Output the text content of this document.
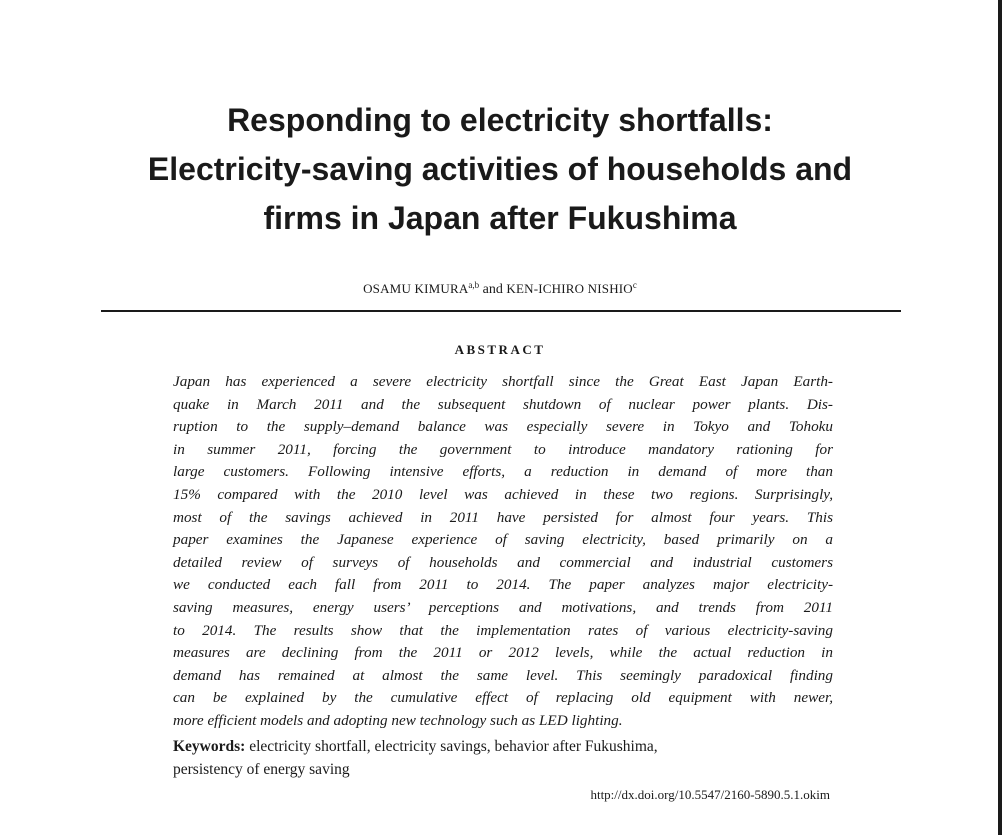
Responding to electricity shortfalls:
Electricity-saving activities of households and
firms in Japan after Fukushima
OSAMU KIMURA$^{a,b}$ and KEN-ICHIRO NISHIO$^c$
ABSTRACT
Japan has experienced a severe electricity shortfall since the Great East Japan Earth-
quake in March 2011 and the subsequent shutdown of nuclear power plants. Dis-
ruption to the supply–demand balance was especially severe in Tokyo and Tohoku
in summer 2011, forcing the government to introduce mandatory rationing for
large customers. Following intensive efforts, a reduction in demand of more than
15% compared with the 2010 level was achieved in these two regions. Surprisingly,
most of the savings achieved in 2011 have persisted for almost four years. This
paper examines the Japanese experience of saving electricity, based primarily on a
detailed review of surveys of households and commercial and industrial customers
we conducted each fall from 2011 to 2014. The paper analyzes major electricity-
saving measures, energy users’ perceptions and motivations, and trends from 2011
to 2014. The results show that the implementation rates of various electricity-saving
measures are declining from the 2011 or 2012 levels, while the actual reduction in
demand has remained at almost the same level. This seemingly paradoxical finding
can be explained by the cumulative effect of replacing old equipment with newer,
more efficient models and adopting new technology such as LED lighting.
Keywords: electricity shortfall, electricity savings, behavior after Fukushima,
persistency of energy saving
http://dx.doi.org/10.5547/2160-5890.5.1.okim
